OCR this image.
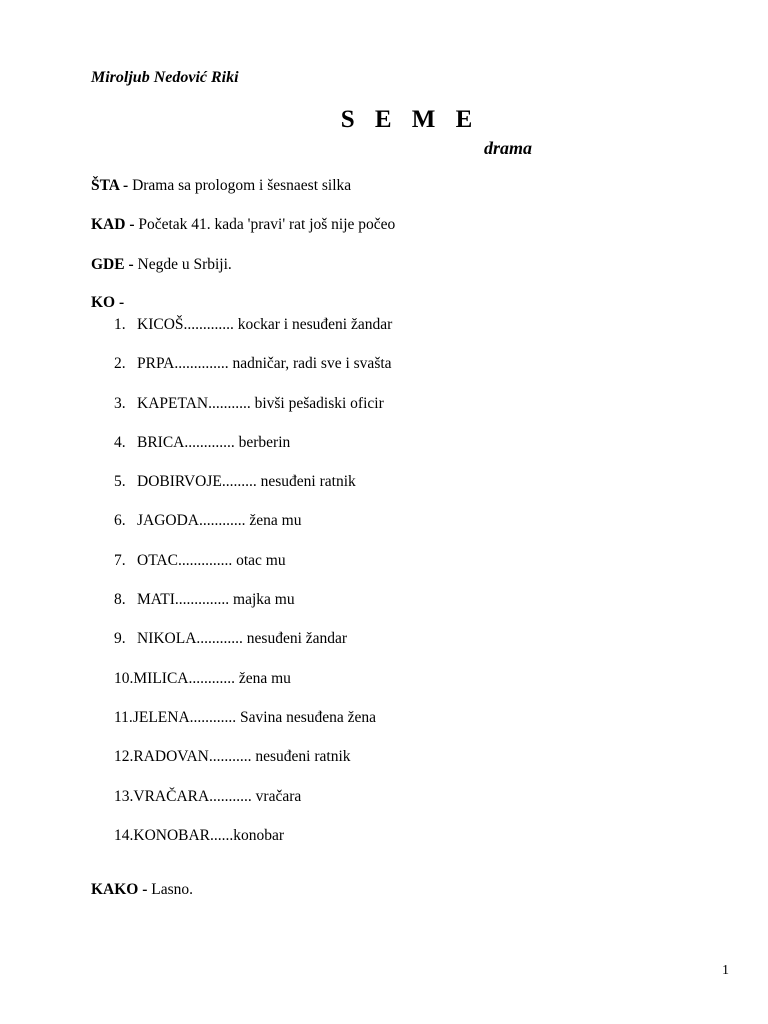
Miroljub Nedović Riki
S E M E
drama
ŠTA - Drama sa prologom i šesnaest silka
KAD - Početak 41. kada 'pravi' rat još nije počeo
GDE - Negde u Srbiji.
KO -
1. KICOŠ............. kockar i nesuđeni žandar
2. PRPA.............. nadničar, radi sve i svašta
3. KAPETAN........... bivši pešadiski oficir
4. BRICA............. berberin
5. DOBIRVOJE......... nesuđeni ratnik
6. JAGODA............ žena mu
7. OTAC.............. otac mu
8. MATI.............. majka mu
9. NIKOLA............ nesuđeni žandar
10.MILICA............ žena mu
11.JELENA............ Savina nesuđena žena
12.RADOVAN........... nesuđeni ratnik
13.VRAČARA........... vračara
14.KONOBAR......konobar
KAKO - Lasno.
1
